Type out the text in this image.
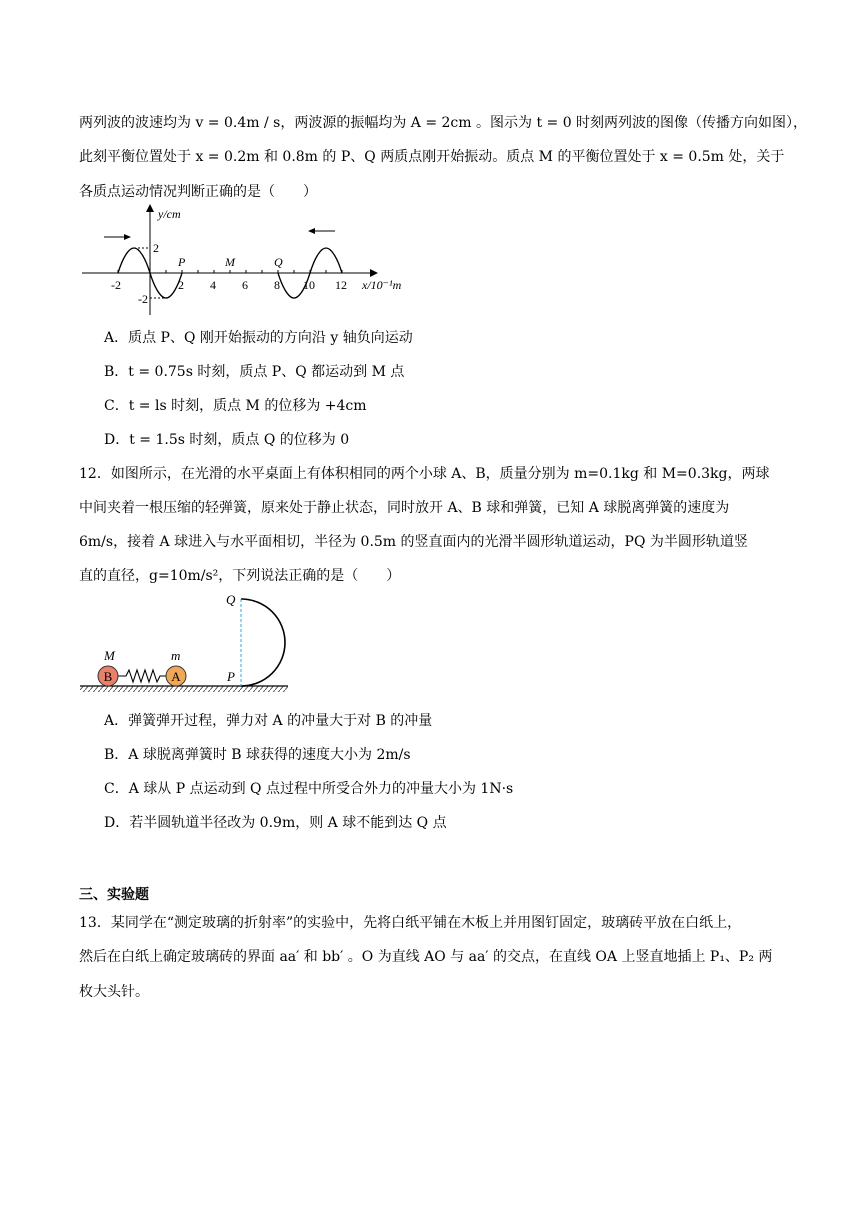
两列波的波速均为 v = 0.4m / s，两波源的振幅均为 A = 2cm 。图示为 t = 0 时刻两列波的图像（传播方向如图），
此刻平衡位置处于 x = 0.2m 和 0.8m 的 P、Q 两质点刚开始振动。质点 M 的平衡位置处于 x = 0.5m 处，关于
各质点运动情况判断正确的是（　　）
y/cm
2
-2
-2	2 4 6 8 10 12 x/10⁻¹m
P	M	Q
A．质点 P、Q 刚开始振动的方向沿 y 轴负向运动
B．t = 0.75s 时刻，质点 P、Q 都运动到 M 点
C．t = ls 时刻，质点 M 的位移为 +4cm
D．t = 1.5s 时刻，质点 Q 的位移为 0
12．如图所示，在光滑的水平桌面上有体积相同的两个小球 A、B，质量分别为 m=0.1kg 和 M=0.3kg，两球
中间夹着一根压缩的轻弹簧，原来处于静止状态，同时放开 A、B 球和弹簧，已知 A 球脱离弹簧的速度为
6m/s，接着 A 球进入与水平面相切，半径为 0.5m 的竖直面内的光滑半圆形轨道运动，PQ 为半圆形轨道竖
直的直径，g=10m/s²，下列说法正确的是（　　）
B	A
M	m
Q
P
A．弹簧弹开过程，弹力对 A 的冲量大于对 B 的冲量
B．A 球脱离弹簧时 B 球获得的速度大小为 2m/s
C．A 球从 P 点运动到 Q 点过程中所受合外力的冲量大小为 1N·s
D．若半圆轨道半径改为 0.9m，则 A 球不能到达 Q 点
三、实验题
13．某同学在“测定玻璃的折射率”的实验中，先将白纸平铺在木板上并用图钉固定，玻璃砖平放在白纸上，
然后在白纸上确定玻璃砖的界面 aa′ 和 bb′ 。O 为直线 AO 与 aa′ 的交点，在直线 OA 上竖直地插上 P₁、P₂ 两
枚大头针。
